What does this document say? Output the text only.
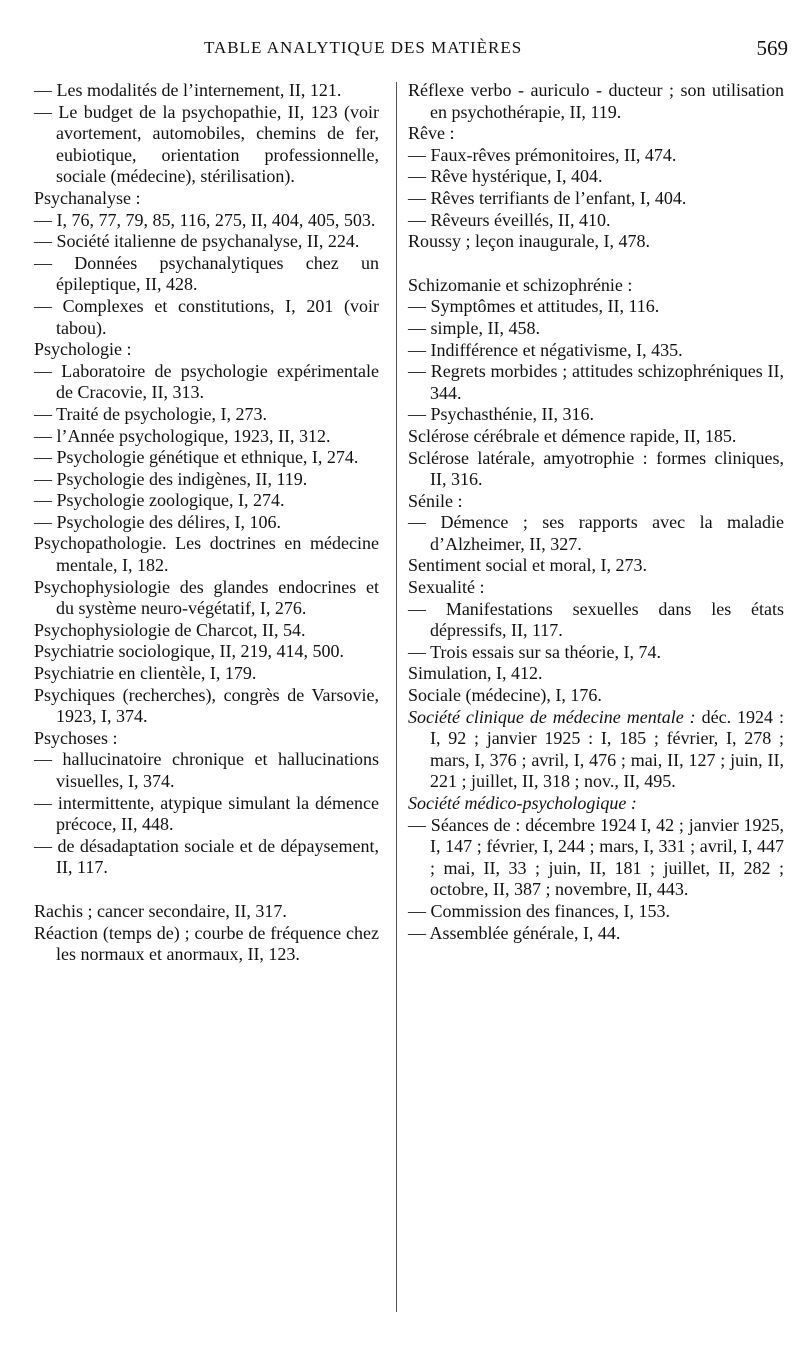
TABLE ANALYTIQUE DES MATIÈRES	569

— Les modalités de l’internement, II, 121.

— Le budget de la psychopathie, II, 123 (voir avortement, automobiles, chemins de fer, eubiotique, orientation professionnelle, sociale (médecine), stérilisation).

Psychanalyse :

— I, 76, 77, 79, 85, 116, 275, II, 404, 405, 503.

— Société italienne de psychanalyse, II, 224.

— Données psychanalytiques chez un épileptique, II, 428.

— Complexes et constitutions, I, 201 (voir tabou).

Psychologie :

— Laboratoire de psychologie expérimentale de Cracovie, II, 313.

— Traité de psychologie, I, 273.

— l’Année psychologique, 1923, II, 312.

— Psychologie génétique et ethnique, I, 274.

— Psychologie des indigènes, II, 119.

— Psychologie zoologique, I, 274.

— Psychologie des délires, I, 106.

Psychopathologie. Les doctrines en médecine mentale, I, 182.

Psychophysiologie des glandes endocrines et du système neuro-végétatif, I, 276.

Psychophysiologie de Charcot, II, 54.

Psychiatrie sociologique, II, 219, 414, 500.

Psychiatrie en clientèle, I, 179.

Psychiques (recherches), congrès de Varsovie, 1923, I, 374.

Psychoses :

— hallucinatoire chronique et hallucinations visuelles, I, 374.

— intermittente, atypique simulant la démence précoce, II, 448.

— de désadaptation sociale et de dépaysement, II, 117.

Rachis ; cancer secondaire, II, 317.

Réaction (temps de) ; courbe de fréquence chez les normaux et anormaux, II, 123.

Réflexe verbo - auriculo - ducteur ; son utilisation en psychothérapie, II, 119.

Rêve :

— Faux-rêves prémonitoires, II, 474.

— Rêve hystérique, I, 404.

— Rêves terrifiants de l’enfant, I, 404.

— Rêveurs éveillés, II, 410.

Roussy ; leçon inaugurale, I, 478.

Schizomanie et schizophrénie :

— Symptômes et attitudes, II, 116.

— simple, II, 458.

— Indifférence et négativisme, I, 435.

— Regrets morbides ; attitudes schizophréniques II, 344.

— Psychasthénie, II, 316.

Sclérose cérébrale et démence rapide, II, 185.

Sclérose latérale, amyotrophie : formes cliniques, II, 316.

Sénile :

— Démence ; ses rapports avec la maladie d’Alzheimer, II, 327.

Sentiment social et moral, I, 273.

Sexualité :

— Manifestations sexuelles dans les états dépressifs, II, 117.

— Trois essais sur sa théorie, I, 74.

Simulation, I, 412.

Sociale (médecine), I, 176.

Société clinique de médecine mentale : déc. 1924 : I, 92 ; janvier 1925 : I, 185 ; février, I, 278 ; mars, I, 376 ; avril, I, 476 ; mai, II, 127 ; juin, II, 221 ; juillet, II, 318 ; nov., II, 495.

Société médico-psychologique :

— Séances de : décembre 1924 I, 42 ; janvier 1925, I, 147 ; février, I, 244 ; mars, I, 331 ; avril, I, 447 ; mai, II, 33 ; juin, II, 181 ; juillet, II, 282 ; octobre, II, 387 ; novembre, II, 443.

— Commission des finances, I, 153.

— Assemblée générale, I, 44.
